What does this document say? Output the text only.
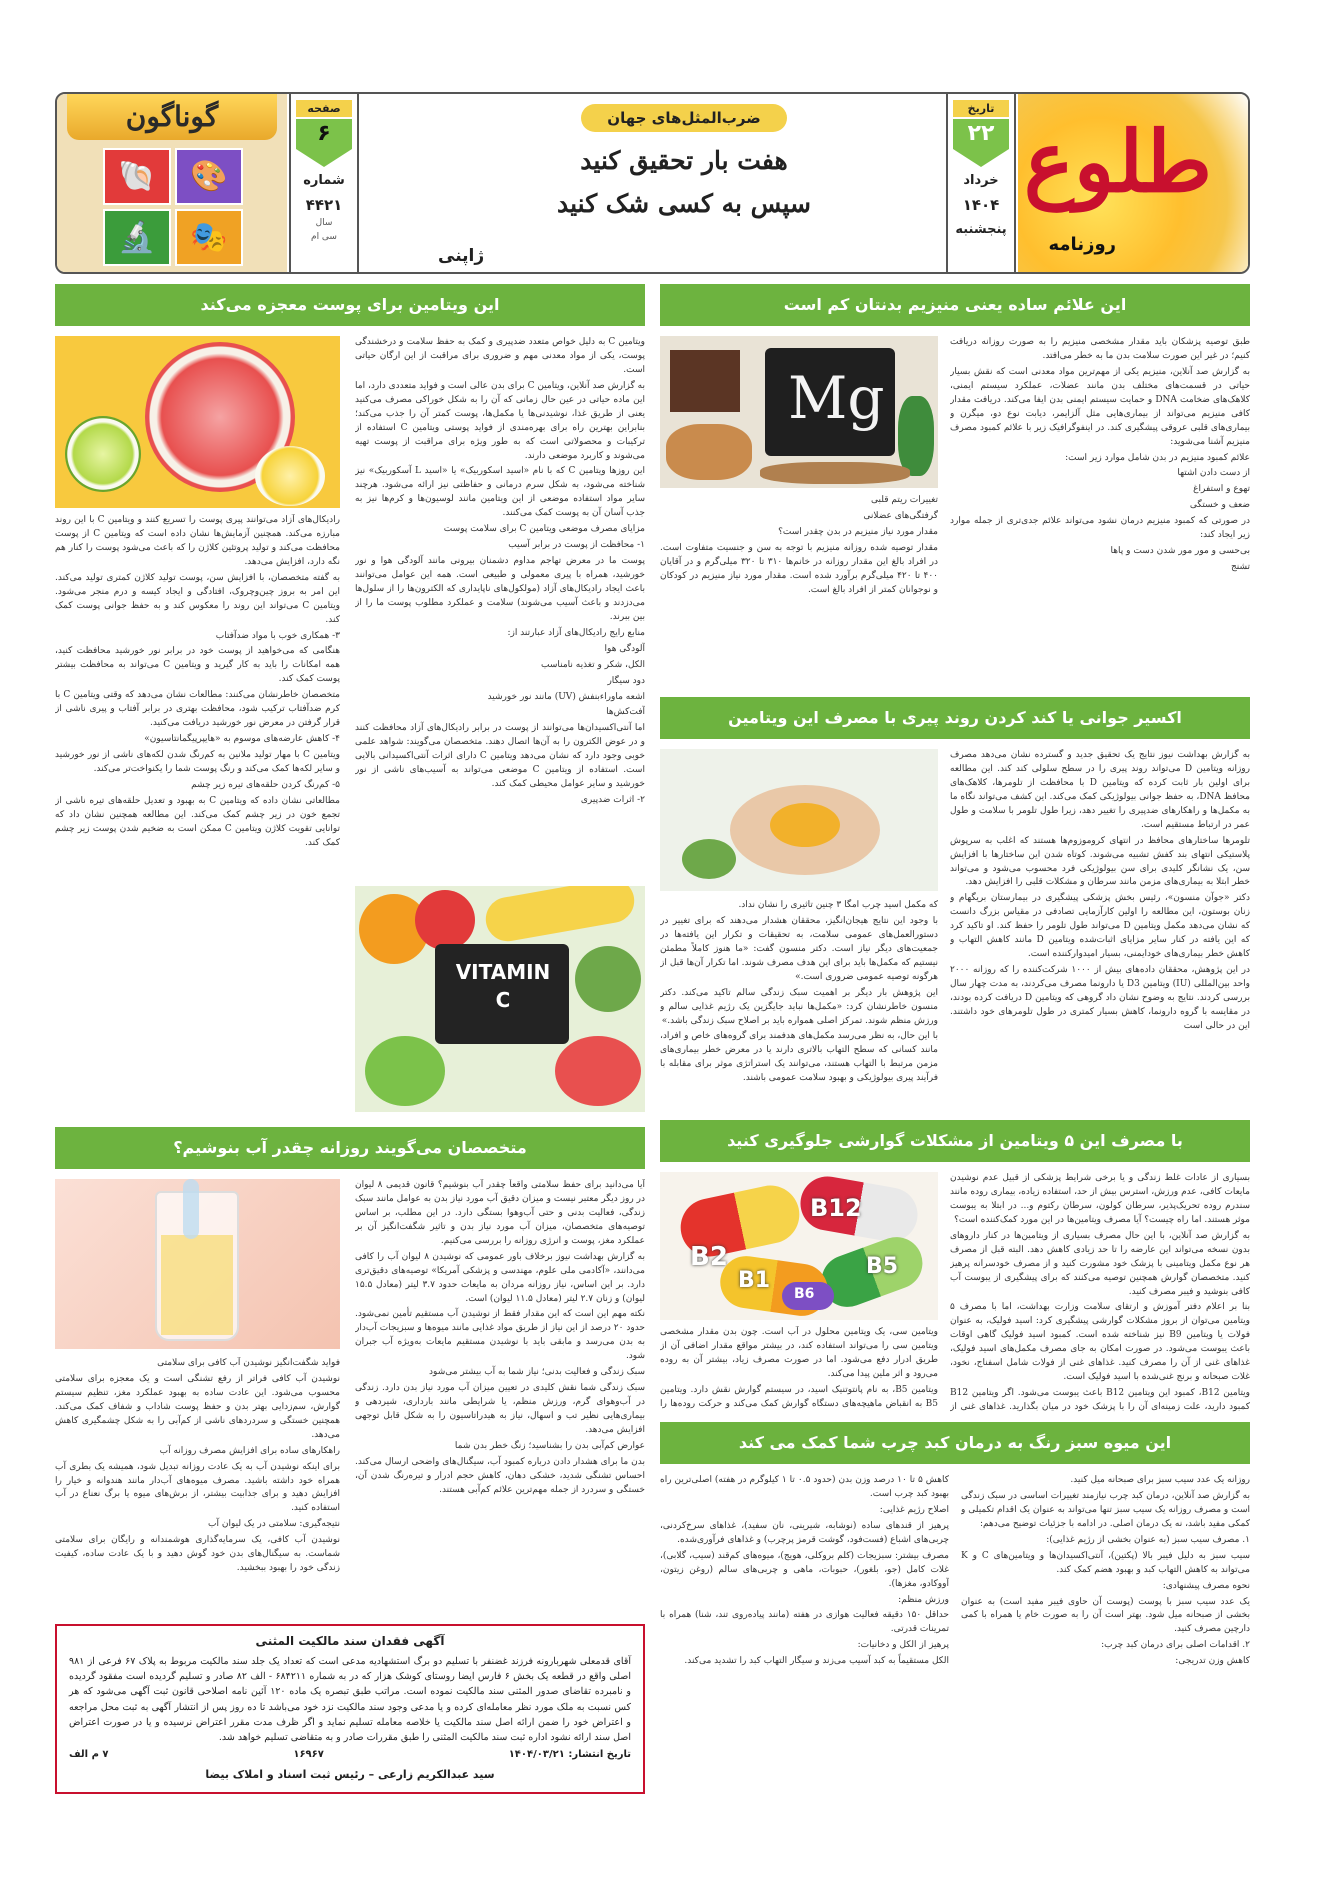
طلوع
روزنامه
تاریخ
۲۲
خرداد
۱۴۰۴
پنجشنبه
ضرب‌المثل‌های جهان
هفت بار تحقیق کنید
سپس به کسی شک کنید
ژاپنی
صفحه
۶
شماره
۴۴۲۱
سال
سی ام
گوناگون
🐚	🎨
🔬	🎭
این علائم ساده یعنی منیزیم بدنتان کم است

طبق توصیه پزشکان باید مقدار مشخصی منیزیم را به صورت روزانه دریافت کنیم؛ در غیر این صورت سلامت بدن ما به خطر می‌افتد.

به گزارش صد آنلاین، منیزیم یکی از مهم‌ترین مواد معدنی است که نقش بسیار حیاتی در قسمت‌های مختلف بدن مانند عضلات، عملکرد سیستم ایمنی، کلاهک‌های ضخامت DNA و حمایت سیستم ایمنی بدن ایفا می‌کند. دریافت مقدار کافی منیزیم می‌تواند از بیماری‌هایی مثل آلزایمر، دیابت نوع دو، میگرن و بیماری‌های قلبی عروقی پیشگیری کند. در اینفوگرافیک زیر با علائم کمبود مصرف منیزیم آشنا می‌شوید:

علائم کمبود منیزیم در بدن شامل موارد زیر است:

از دست دادن اشتها

تهوع و استفراغ

ضعف و خستگی

در صورتی که کمبود منیزیم درمان نشود می‌تواند علائم جدی‌تری از جمله موارد زیر ایجاد کند:

بی‌حسی و مور مور شدن دست و پاها

تشنج

Mg

تغییرات ریتم قلبی

گرفتگی‌های عضلانی

مقدار مورد نیاز منیزیم در بدن چقدر است؟

مقدار توصیه شده روزانه منیزیم با توجه به سن و جنسیت متفاوت است. در افراد بالغ این مقدار روزانه در خانم‌ها ۳۱۰ تا ۳۲۰ میلی‌گرم و در آقایان ۴۰۰ تا ۴۲۰ میلی‌گرم برآورد شده است. مقدار مورد نیاز منیزیم در کودکان و نوجوانان کمتر از افراد بالغ است.

اکسیر جوانی یا کند کردن روند پیری با مصرف این ویتامین

به گزارش بهداشت نیوز نتایج یک تحقیق جدید و گسترده نشان می‌دهد مصرف روزانه ویتامین D می‌تواند روند پیری را در سطح سلولی کند کند. این مطالعه برای اولین بار ثابت کرده که ویتامین D با محافظت از تلومرها، کلاهک‌های محافظ DNA، به حفظ جوانی بیولوژیکی کمک می‌کند. این کشف می‌تواند نگاه ما به مکمل‌ها و راهکارهای ضدپیری را تغییر دهد، زیرا طول تلومر با سلامت و طول عمر در ارتباط مستقیم است.

تلومرها ساختارهای محافظ در انتهای کروموزوم‌ها هستند که اغلب به سرپوش پلاستیکی انتهای بند کفش تشبیه می‌شوند. کوتاه شدن این ساختارها با افزایش سن، یک نشانگر کلیدی برای سن بیولوژیکی فرد محسوب می‌شود و می‌تواند خطر ابتلا به بیماری‌های مزمن مانند سرطان و مشکلات قلبی را افزایش دهد.

دکتر «جوآن منسون»، رئیس بخش پزشکی پیشگیری در بیمارستان بریگهام و زنان بوستون، این مطالعه را اولین کارآزمایی تصادفی در مقیاس بزرگ دانست که نشان می‌دهد مکمل ویتامین D می‌تواند طول تلومر را حفظ کند. او تاکید کرد که این یافته در کنار سایر مزایای اثبات‌شده ویتامین D مانند کاهش التهاب و کاهش خطر بیماری‌های خودایمنی، بسیار امیدوارکننده است.

در این پژوهش، محققان داده‌های بیش از ۱۰۰۰ شرکت‌کننده را که روزانه ۲۰۰۰ واحد بین‌المللی (IU) ویتامین D3 یا دارونما مصرف می‌کردند، به مدت چهار سال بررسی کردند. نتایج به وضوح نشان داد گروهی که ویتامین D دریافت کرده بودند، در مقایسه با گروه دارونما، کاهش بسیار کمتری در طول تلومرهای خود داشتند. این در حالی است

که مکمل اسید چرب امگا ۳ چنین تاثیری را نشان نداد.

با وجود این نتایج هیجان‌انگیز، محققان هشدار می‌دهند که برای تغییر در دستورالعمل‌های عمومی سلامت، به تحقیقات و تکرار این یافته‌ها در جمعیت‌های دیگر نیاز است. دکتر منسون گفت: «ما هنوز کاملاً مطمئن نیستیم که مکمل‌ها باید برای این هدف مصرف شوند. اما تکرار آن‌ها قبل از هرگونه توصیه عمومی ضروری است.»

این پژوهش بار دیگر بر اهمیت سبک زندگی سالم تاکید می‌کند. دکتر منسون خاطرنشان کرد: «مکمل‌ها نباید جایگزین یک رژیم غذایی سالم و ورزش منظم شوند. تمرکز اصلی همواره باید بر اصلاح سبک زندگی باشد.»

با این حال، به نظر می‌رسد مکمل‌های هدفمند برای گروه‌های خاص و افراد، مانند کسانی که سطح التهاب بالاتری دارند یا در معرض خطر بیماری‌های مزمن مرتبط با التهاب هستند، می‌توانند یک استراتژی موثر برای مقابله با فرآیند پیری بیولوژیکی و بهبود سلامت عمومی باشند.

با مصرف این ۵ ویتامین از مشکلات گوارشی جلوگیری کنید

بسیاری از عادات غلط زندگی و یا برخی شرایط پزشکی از قبیل عدم نوشیدن مایعات کافی، عدم ورزش، استرس بیش از حد، استفاده زیاده، بیماری روده مانند سندرم روده تحریک‌پذیر، سرطان کولون، سرطان رکتوم و... در ابتلا به یبوست موثر هستند. اما راه چیست؟ آیا مصرف ویتامین‌ها در این مورد کمک‌کننده است؟

به گزارش صد آنلاین، با این حال مصرف بسیاری از ویتامین‌ها در کنار داروهای بدون نسخه می‌تواند این عارضه را تا حد زیادی کاهش دهد. البته قبل از مصرف هر نوع مکمل ویتامینی با پزشک خود مشورت کنید و از مصرف خودسرانه پرهیز کنید. متخصصان گوارش همچنین توصیه می‌کنند که برای پیشگیری از یبوست آب کافی بنوشید و فیبر مصرف کنید.

بنا بر اعلام دفتر آموزش و ارتقای سلامت وزارت بهداشت، اما با مصرف ۵ ویتامین می‌توان از بروز مشکلات گوارشی پیشگیری کرد: اسید فولیک، به عنوان فولات یا ویتامین B9 نیز شناخته شده است. کمبود اسید فولیک گاهی اوقات باعث یبوست می‌شود. در صورت امکان به جای مصرف مکمل‌های اسید فولیک، غذاهای غنی از آن را مصرف کنید. غذاهای غنی از فولات شامل اسفناج، نخود، غلات صبحانه و برنج غنی‌شده با اسید فولیک است.

ویتامین B12، کمبود این ویتامین B12 باعث یبوست می‌شود. اگر ویتامین B12 کمبود دارید، علت زمینه‌ای آن را با پزشک خود در میان بگذارید. غذاهای غنی از

B2
B12
B5
B1
B6

ویتامین سی، یک ویتامین محلول در آب است. چون بدن مقدار مشخصی ویتامین سی را می‌تواند استفاده کند، در بیشتر مواقع مقدار اضافی آن از طریق ادرار دفع می‌شود. اما در صورت مصرف زیاد، بیشتر آن به روده می‌رود و اثر ملین پیدا می‌کند.

ویتامین B5، به نام پانتوتنیک اسید، در سیستم گوارش نقش دارد. ویتامین B5 به انقباض ماهیچه‌های دستگاه گوارش کمک می‌کند و حرکت روده‌ها را

این میوه سبز رنگ به درمان کبد چرب شما کمک می کند

روزانه یک عدد سیب سبز برای صبحانه میل کنید.

به گزارش صد آنلاین، درمان کبد چرب نیازمند تغییرات اساسی در سبک زندگی است و مصرف روزانه یک سیب سبز تنها می‌تواند به عنوان یک اقدام تکمیلی و کمکی مفید باشد، نه یک درمان اصلی. در ادامه با جزئیات توضیح می‌دهم:

۱. مصرف سیب سبز (به عنوان بخشی از رژیم غذایی):

سیب سبز به دلیل فیبر بالا (پکتین)، آنتی‌اکسیدان‌ها و ویتامین‌های C و K می‌تواند به کاهش التهاب کبد و بهبود هضم کمک کند.

نحوه مصرف پیشنهادی:

یک عدد سیب سبز با پوست (پوست آن حاوی فیبر مفید است) به عنوان بخشی از صبحانه میل شود. بهتر است آن را به صورت خام یا همراه با کمی دارچین مصرف کنید.

۲. اقدامات اصلی برای درمان کبد چرب:

کاهش وزن تدریجی:

کاهش ۵ تا ۱۰ درصد وزن بدن (حدود ۰.۵ تا ۱ کیلوگرم در هفته) اصلی‌ترین راه بهبود کبد چرب است.

اصلاح رژیم غذایی:

پرهیز از قندهای ساده (نوشابه، شیرینی، نان سفید)، غذاهای سرخ‌کردنی، چربی‌های اشباع (فست‌فود، گوشت قرمز پرچرب) و غذاهای فرآوری‌شده.

مصرف بیشتر: سبزیجات (کلم بروکلی، هویج)، میوه‌های کم‌قند (سیب، گلابی)، غلات کامل (جو، بلغور)، حبوبات، ماهی و چربی‌های سالم (روغن زیتون، آووکادو، مغزها).

ورزش منظم:

حداقل ۱۵۰ دقیقه فعالیت هوازی در هفته (مانند پیاده‌روی تند، شنا) همراه با تمرینات قدرتی.

پرهیز از الکل و دخانیات:

الکل مستقیماً به کبد آسیب می‌زند و سیگار التهاب کبد را تشدید می‌کند.

این ویتامین برای پوست معجزه می‌کند

ویتامین C به دلیل خواص متعدد ضدپیری و کمک به حفظ سلامت و درخشندگی پوست، یکی از مواد معدنی مهم و ضروری برای مراقبت از این ارگان حیاتی است.

به گزارش صد آنلاین، ویتامین C برای بدن عالی است و فواید متعددی دارد، اما این ماده حیاتی در عین حال زمانی که آن را به شکل خوراکی مصرف می‌کنید یعنی از طریق غذا، نوشیدنی‌ها یا مکمل‌ها، پوست کمتر آن را جذب می‌کند؛ بنابراین بهترین راه برای بهره‌مندی از فواید پوستی ویتامین C استفاده از ترکیبات و محصولاتی است که به طور ویژه برای مراقبت از پوست تهیه می‌شوند و کاربرد موضعی دارند.

این روزها ویتامین C که با نام «اسید اسکوربیک» یا «اسید L آسکوربیک» نیز شناخته می‌شود، به شکل سرم درمانی و حفاظتی نیز ارائه می‌شود. هرچند سایر مواد استفاده موضعی از این ویتامین مانند لوسیون‌ها و کرم‌ها نیز به جذب آسان آن به پوست کمک می‌کنند.

مزایای مصرف موضعی ویتامین C برای سلامت پوست

۱- محافظت از پوست در برابر آسیب

پوست ما در معرض تهاجم مداوم دشمنان بیرونی مانند آلودگی هوا و نور خورشید، همراه با پیری معمولی و طبیعی است. همه این عوامل می‌توانند باعث ایجاد رادیکال‌های آزاد (مولکول‌های ناپایداری که الکترون‌ها را از سلول‌ها می‌دزدند و باعث آسیب می‌شوند) سلامت و عملکرد مطلوب پوست ما را از بین ببرند.

منابع رایج رادیکال‌های آزاد عبارتند از:

آلودگی هوا

الکل، شکر و تغذیه نامناسب

دود سیگار

اشعه ماوراءبنفش (UV) مانند نور خورشید

آفت‌کش‌ها

اما آنتی‌اکسیدان‌ها می‌توانند از پوست در برابر رادیکال‌های آزاد محافظت کنند و در عوض الکترون را به آن‌ها اتصال دهند. متخصصان می‌گویند: شواهد علمی خوبی وجود دارد که نشان می‌دهد ویتامین C دارای اثرات آنتی‌اکسیدانی بالایی است. استفاده از ویتامین C موضعی می‌تواند به آسیب‌های ناشی از نور خورشید و سایر عوامل محیطی کمک کند.

۲- اثرات ضدپیری

رادیکال‌های آزاد می‌توانند پیری پوست را تسریع کنند و ویتامین C با این روند مبارزه می‌کند. همچنین آزمایش‌ها نشان داده است که ویتامین C از پوست محافظت می‌کند و تولید پروتئین کلاژن را که باعث می‌شود پوست را کنار هم نگه دارد، افزایش می‌دهد.

به گفته متخصصان، با افزایش سن، پوست تولید کلاژن کمتری تولید می‌کند. این امر به بروز چین‌وچروک، افتادگی و ایجاد کیسه و درم منجر می‌شود. ویتامین C می‌تواند این روند را معکوس کند و به حفظ جوانی پوست کمک کند.

۳- همکاری خوب با مواد ضدآفتاب

هنگامی که می‌خواهید از پوست خود در برابر نور خورشید محافظت کنید، همه امکانات را باید به کار گیرید و ویتامین C می‌تواند به محافظت بیشتر پوست کمک کند.

متخصصان خاطرنشان می‌کنند: مطالعات نشان می‌دهد که وقتی ویتامین C با کرم ضدآفتاب ترکیب شود، محافظت بهتری در برابر آفتاب و پیری ناشی از قرار گرفتن در معرض نور خورشید دریافت می‌کنید.

۴- کاهش عارضه‌های موسوم به «هایپرپیگمانتاسیون»

ویتامین C با مهار تولید ملانین به کم‌رنگ شدن لکه‌های ناشی از نور خورشید و سایر لکه‌ها کمک می‌کند و رنگ پوست شما را یکنواخت‌تر می‌کند.

۵- کم‌رنگ کردن حلقه‌های تیره زیر چشم

مطالعاتی نشان داده که ویتامین C به بهبود و تعدیل حلقه‌های تیره ناشی از تجمع خون در زیر چشم کمک می‌کند. این مطالعه همچنین نشان داد که توانایی تقویت کلاژن ویتامین C ممکن است به ضخیم شدن پوست زیر چشم کمک کند.

VITAMIN C
متخصصان می‌گویند روزانه چقدر آب بنوشیم؟

آیا می‌دانید برای حفظ سلامتی واقعاً چقدر آب بنوشیم؟ قانون قدیمی ۸ لیوان در روز دیگر معتبر نیست و میزان دقیق آب مورد نیاز بدن به عوامل مانند سبک زندگی، فعالیت بدنی و حتی آب‌وهوا بستگی دارد. در این مطلب، بر اساس توصیه‌های متخصصان، میزان آب مورد نیاز بدن و تاثیر شگفت‌انگیز آن بر عملکرد مغز، پوست و انرژی روزانه را بررسی می‌کنیم.

به گزارش بهداشت نیوز برخلاف باور عمومی که نوشیدن ۸ لیوان آب را کافی می‌دانند، «آکادمی ملی علوم، مهندسی و پزشکی آمریکا» توصیه‌های دقیق‌تری دارد. بر این اساس، نیاز روزانه مردان به مایعات حدود ۳.۷ لیتر (معادل ۱۵.۵ لیوان) و زنان ۲.۷ لیتر (معادل ۱۱.۵ لیوان) است.

نکته مهم این است که این مقدار فقط از نوشیدن آب مستقیم تأمین نمی‌شود. حدود ۲۰ درصد از این نیاز از طریق مواد غذایی مانند میوه‌ها و سبزیجات آب‌دار به بدن می‌رسد و مابقی باید با نوشیدن مستقیم مایعات به‌ویژه آب جبران شود.

سبک زندگی و فعالیت بدنی؛ نیاز شما به آب بیشتر می‌شود

سبک زندگی شما نقش کلیدی در تعیین میزان آب مورد نیاز بدن دارد. زندگی در آب‌وهوای گرم، ورزش منظم، یا شرایطی مانند بارداری، شیردهی و بیماری‌هایی نظیر تب و اسهال، نیاز به هیدراتاسیون را به شکل قابل توجهی افزایش می‌دهد.

عوارض کم‌آبی بدن را بشناسید؛ زنگ خطر بدن شما

بدن ما برای هشدار دادن درباره کمبود آب، سیگنال‌های واضحی ارسال می‌کند. احساس تشنگی شدید، خشکی دهان، کاهش حجم ادرار و تیره‌رنگ شدن آن، خستگی و سردرد از جمله مهم‌ترین علائم کم‌آبی هستند.

فواید شگفت‌انگیز نوشیدن آب کافی برای سلامتی

نوشیدن آب کافی فراتر از رفع تشنگی است و یک معجزه برای سلامتی محسوب می‌شود. این عادت ساده به بهبود عملکرد مغز، تنظیم سیستم گوارش، سم‌زدایی بهتر بدن و حفظ پوست شاداب و شفاف کمک می‌کند. همچنین خستگی و سردردهای ناشی از کم‌آبی را به شکل چشمگیری کاهش می‌دهد.

راهکارهای ساده برای افزایش مصرف روزانه آب

برای اینکه نوشیدن آب به یک عادت روزانه تبدیل شود، همیشه یک بطری آب همراه خود داشته باشید. مصرف میوه‌های آب‌دار مانند هندوانه و خیار را افزایش دهید و برای جذابیت بیشتر، از برش‌های میوه یا برگ نعناع در آب استفاده کنید.

نتیجه‌گیری: سلامتی در یک لیوان آب

نوشیدن آب کافی، یک سرمایه‌گذاری هوشمندانه و رایگان برای سلامتی شماست. به سیگنال‌های بدن خود گوش دهید و با یک عادت ساده، کیفیت زندگی خود را بهبود ببخشید.

آگهی فقدان سند مالکیت المثنی
آقای قدمعلی شهربارونه فرزند غضنفر با تسلیم دو برگ استشهادیه مدعی است که تعداد یک جلد سند مالکیت مربوط به پلاک ۶۷ فرعی از ۹۸۱ اصلی واقع در قطعه یک بخش ۶ فارس ایضا روستای کوشک هزار که در به شماره ۶۸۴۲۱۱ - الف ۸۲ صادر و تسلیم گردیده است مفقود گردیده و نامبرده تقاضای صدور المثنی سند مالکیت نموده است. مراتب طبق تبصره یک ماده ۱۲۰ آئین نامه اصلاحی قانون ثبت آگهی می‌شود که هر کس نسبت به ملک مورد نظر معامله‌ای کرده و یا مدعی وجود سند مالکیت نزد خود می‌باشد تا ده روز پس از انتشار آگهی به ثبت محل مراجعه و اعتراض خود را ضمن ارائه اصل سند مالکیت یا خلاصه معامله تسلیم نماید و اگر ظرف مدت مقرر اعتراض نرسیده و یا در صورت اعتراض اصل سند ارائه نشود اداره ثبت سند مالکیت المثنی را طبق مقررات صادر و به متقاضی تسلیم خواهد شد.
تاریخ انتشار: ۱۴۰۴/۰۳/۲۱
۱۶۹۶۷
۷ م الف
سید عبدالکریم زارعی – رئیس ثبت اسناد و املاک بیضا
